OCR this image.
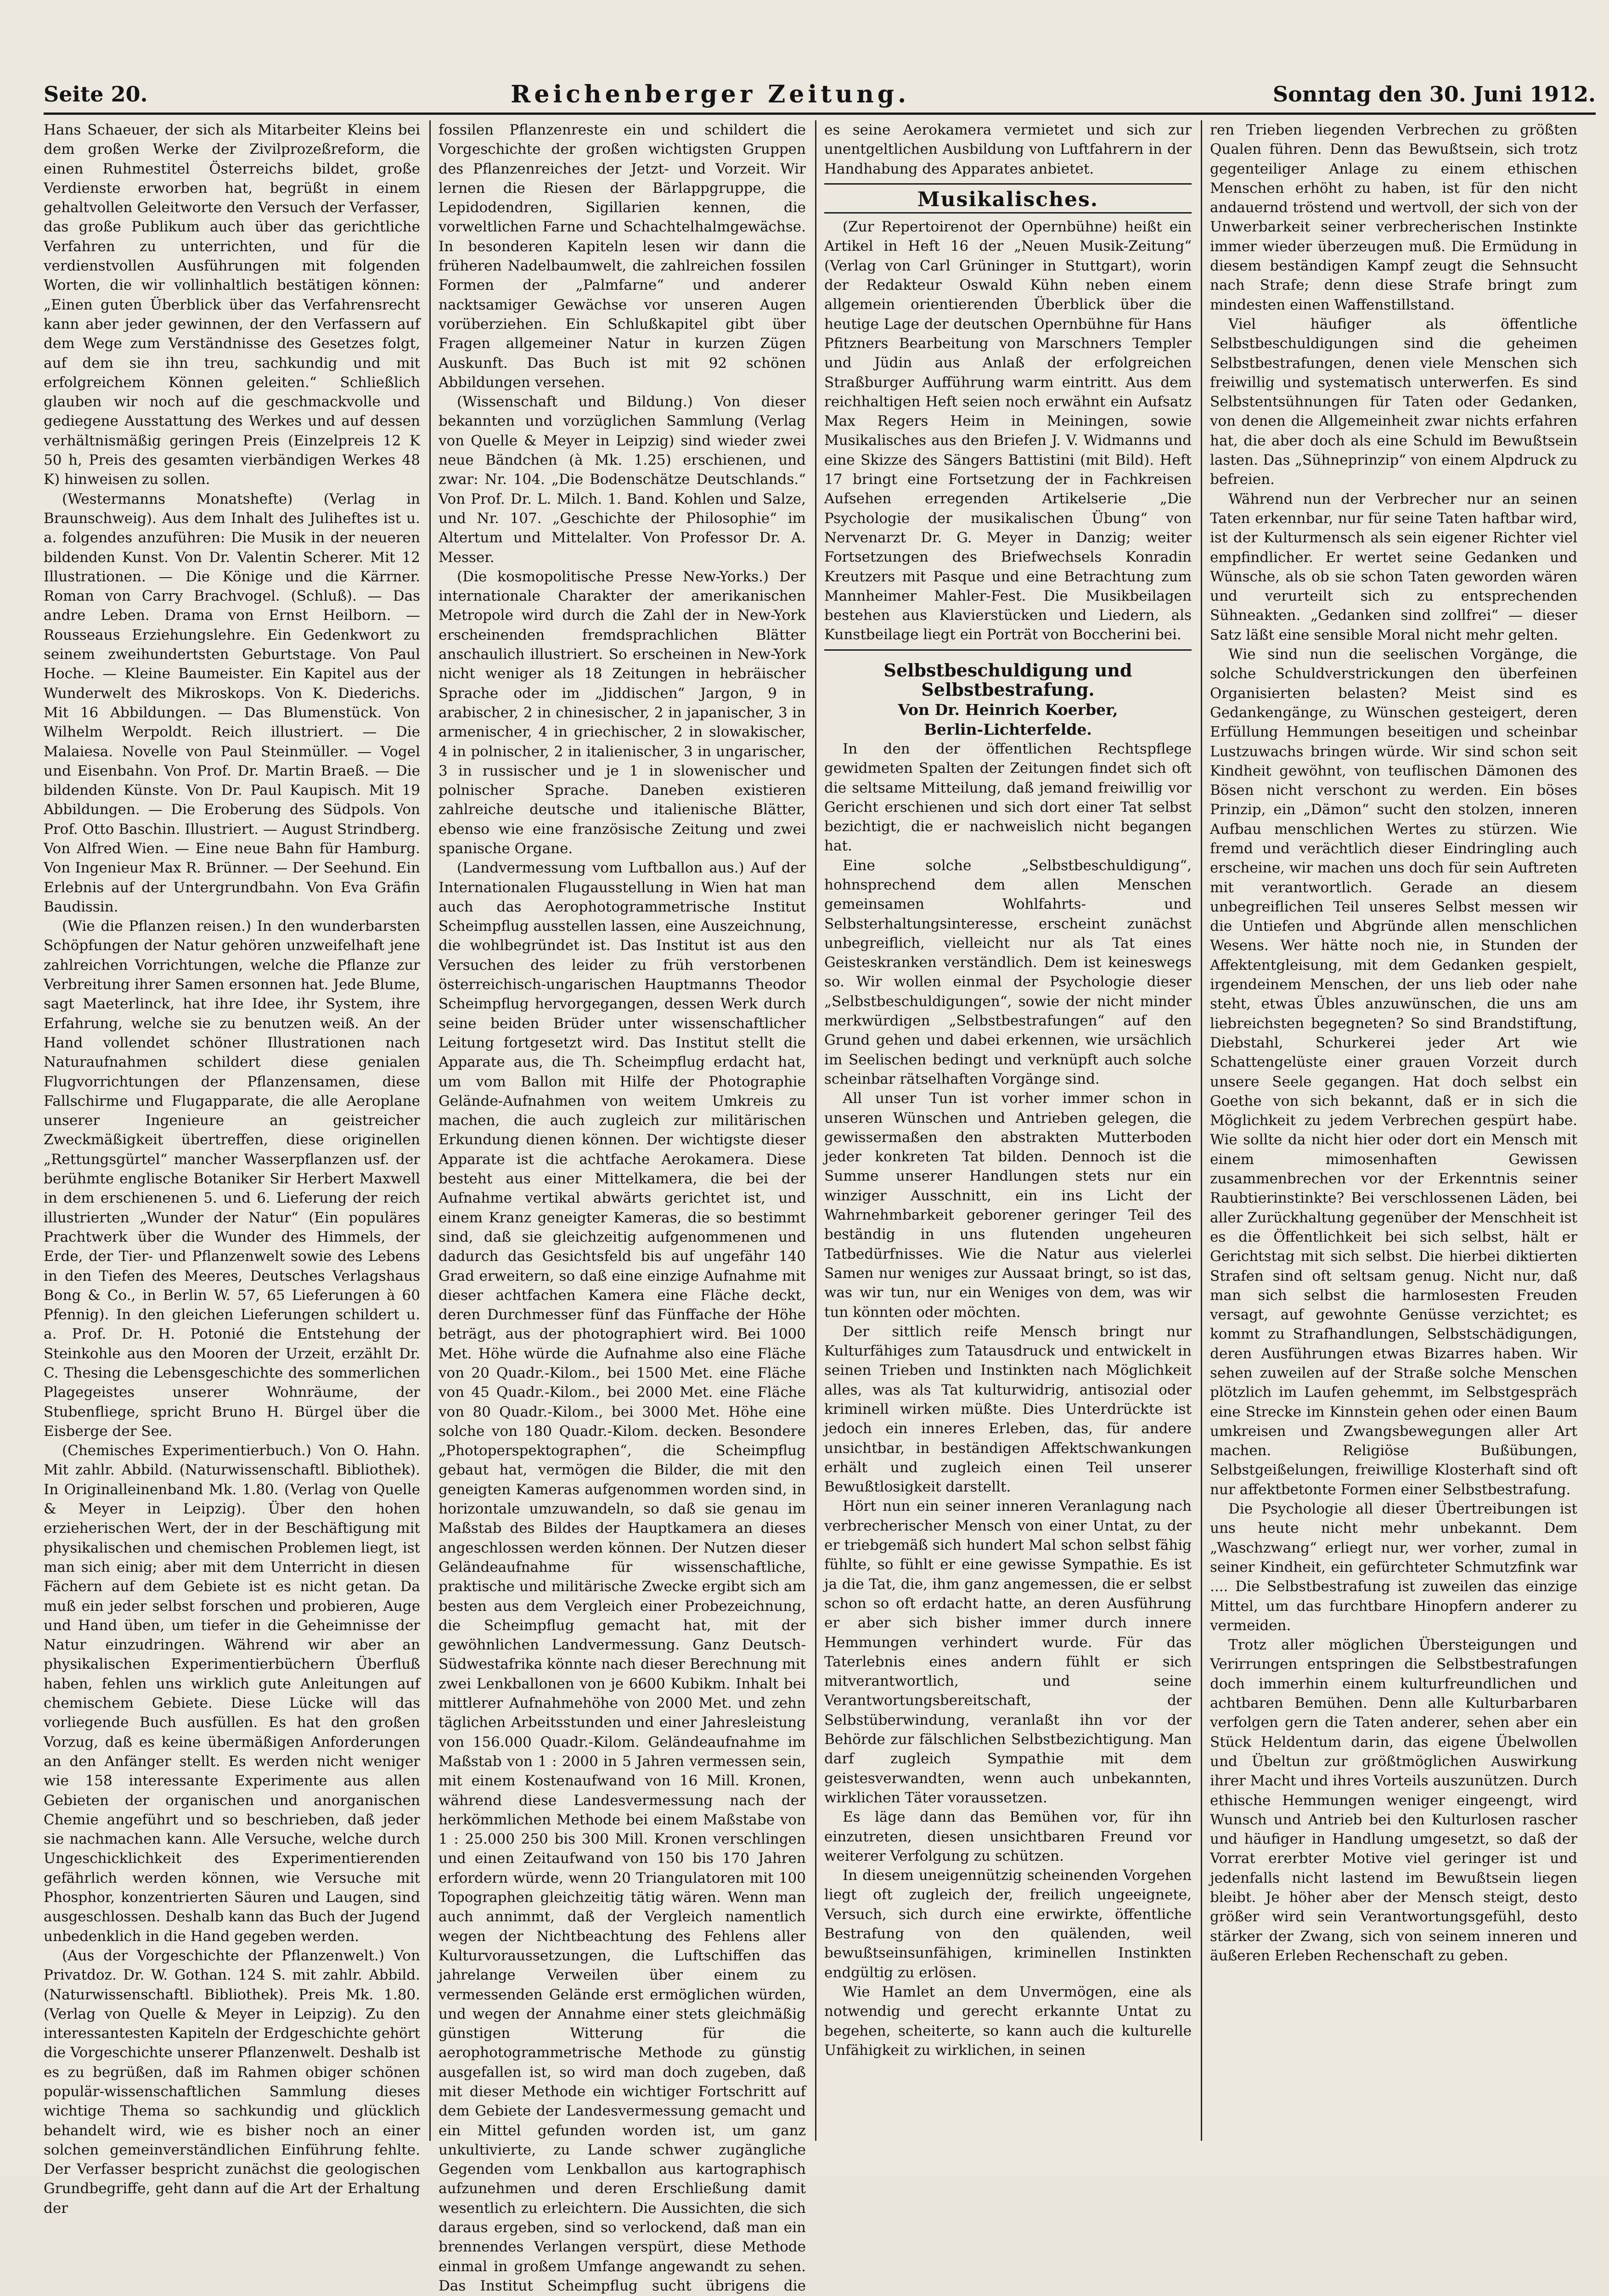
Seite 20.	Reichenberger Zeitung.	Sonntag den 30. Juni 1912.

Hans Schaeuer, der sich als Mitarbeiter Kleins bei dem großen Werke der Zivilprozeßreform, die einen Ruhmestitel Österreichs bildet, große Verdienste erworben hat, begrüßt in einem gehaltvollen Geleitworte den Versuch der Verfasser, das große Publikum auch über das gerichtliche Verfahren zu unterrichten, und für die verdienstvollen Ausführungen mit folgenden Worten, die wir vollinhaltlich bestätigen können: „Einen guten Überblick über das Verfahrensrecht kann aber jeder gewinnen, der den Verfassern auf dem Wege zum Verständnisse des Gesetzes folgt, auf dem sie ihn treu, sachkundig und mit erfolgreichem Können geleiten.“ Schließlich glauben wir noch auf die geschmackvolle und gediegene Ausstattung des Werkes und auf dessen verhältnismäßig geringen Preis (Einzelpreis 12 K 50 h, Preis des gesamten vierbändigen Werkes 48 K) hinweisen zu sollen.

(Westermanns Monatshefte) (Verlag in Braunschweig). Aus dem Inhalt des Juliheftes ist u. a. folgendes anzuführen: Die Musik in der neueren bildenden Kunst. Von Dr. Valentin Scherer. Mit 12 Illustrationen. — Die Könige und die Kärrner. Roman von Carry Brachvogel. (Schluß). — Das andre Leben. Drama von Ernst Heilborn. — Rousseaus Erziehungslehre. Ein Gedenkwort zu seinem zweihundertsten Geburtstage. Von Paul Hoche. — Kleine Baumeister. Ein Kapitel aus der Wunderwelt des Mikroskops. Von K. Diederichs. Mit 16 Abbildungen. — Das Blumenstück. Von Wilhelm Werpoldt. Reich illustriert. — Die Malaiesa. Novelle von Paul Steinmüller. — Vogel und Eisenbahn. Von Prof. Dr. Martin Braeß. — Die bildenden Künste. Von Dr. Paul Kaupisch. Mit 19 Abbildungen. — Die Eroberung des Südpols. Von Prof. Otto Baschin. Illustriert. — August Strindberg. Von Alfred Wien. — Eine neue Bahn für Hamburg. Von Ingenieur Max R. Brünner. — Der Seehund. Ein Erlebnis auf der Untergrundbahn. Von Eva Gräfin Baudissin.

(Wie die Pflanzen reisen.) In den wunderbarsten Schöpfungen der Natur gehören unzweifelhaft jene zahlreichen Vorrichtungen, welche die Pflanze zur Verbreitung ihrer Samen ersonnen hat. Jede Blume, sagt Maeterlinck, hat ihre Idee, ihr System, ihre Erfahrung, welche sie zu benutzen weiß. An der Hand vollendet schöner Illustrationen nach Naturaufnahmen schildert diese genialen Flugvorrichtungen der Pflanzensamen, diese Fallschirme und Flugapparate, die alle Aeroplane unserer Ingenieure an geistreicher Zweckmäßigkeit übertreffen, diese originellen „Rettungsgürtel“ mancher Wasserpflanzen usf. der berühmte englische Botaniker Sir Herbert Maxwell in dem erschienenen 5. und 6. Lieferung der reich illustrierten „Wunder der Natur“ (Ein populäres Prachtwerk über die Wunder des Himmels, der Erde, der Tier- und Pflanzenwelt sowie des Lebens in den Tiefen des Meeres, Deutsches Verlagshaus Bong & Co., in Berlin W. 57, 65 Lieferungen à 60 Pfennig). In den gleichen Lieferungen schildert u. a. Prof. Dr. H. Potonié die Entstehung der Steinkohle aus den Mooren der Urzeit, erzählt Dr. C. Thesing die Lebensgeschichte des sommerlichen Plagegeistes unserer Wohnräume, der Stubenfliege, spricht Bruno H. Bürgel über die Eisberge der See.

(Chemisches Experimentierbuch.) Von O. Hahn. Mit zahlr. Abbild. (Naturwissenschaftl. Bibliothek). In Originalleinenband Mk. 1.80. (Verlag von Quelle & Meyer in Leipzig). Über den hohen erzieherischen Wert, der in der Beschäftigung mit physikalischen und chemischen Problemen liegt, ist man sich einig; aber mit dem Unterricht in diesen Fächern auf dem Gebiete ist es nicht getan. Da muß ein jeder selbst forschen und probieren, Auge und Hand üben, um tiefer in die Geheimnisse der Natur einzudringen. Während wir aber an physikalischen Experimentierbüchern Überfluß haben, fehlen uns wirklich gute Anleitungen auf chemischem Gebiete. Diese Lücke will das vorliegende Buch ausfüllen. Es hat den großen Vorzug, daß es keine übermäßigen Anforderungen an den Anfänger stellt. Es werden nicht weniger wie 158 interessante Experimente aus allen Gebieten der organischen und anorganischen Chemie angeführt und so beschrieben, daß jeder sie nachmachen kann. Alle Versuche, welche durch Ungeschicklichkeit des Experimentierenden gefährlich werden können, wie Versuche mit Phosphor, konzentrierten Säuren und Laugen, sind ausgeschlossen. Deshalb kann das Buch der Jugend unbedenklich in die Hand gegeben werden.

(Aus der Vorgeschichte der Pflanzenwelt.) Von Privatdoz. Dr. W. Gothan. 124 S. mit zahlr. Abbild. (Naturwissenschaftl. Bibliothek). Preis Mk. 1.80. (Verlag von Quelle & Meyer in Leipzig). Zu den interessantesten Kapiteln der Erdgeschichte gehört die Vorgeschichte unserer Pflanzenwelt. Deshalb ist es zu begrüßen, daß im Rahmen obiger schönen populär-wissenschaftlichen Sammlung dieses wichtige Thema so sachkundig und glücklich behandelt wird, wie es bisher noch an einer solchen gemeinverständlichen Einführung fehlte. Der Verfasser bespricht zunächst die geologischen Grundbegriffe, geht dann auf die Art der Erhaltung der

fossilen Pflanzenreste ein und schildert die Vorgeschichte der großen wichtigsten Gruppen des Pflanzenreiches der Jetzt- und Vorzeit. Wir lernen die Riesen der Bärlappgruppe, die Lepidodendren, Sigillarien kennen, die vorweltlichen Farne und Schachtelhalmgewächse. In besonderen Kapiteln lesen wir dann die früheren Nadelbaumwelt, die zahlreichen fossilen Formen der „Palmfarne“ und anderer nacktsamiger Gewächse vor unseren Augen vorüberziehen. Ein Schlußkapitel gibt über Fragen allgemeiner Natur in kurzen Zügen Auskunft. Das Buch ist mit 92 schönen Abbildungen versehen.

(Wissenschaft und Bildung.) Von dieser bekannten und vorzüglichen Sammlung (Verlag von Quelle & Meyer in Leipzig) sind wieder zwei neue Bändchen (à Mk. 1.25) erschienen, und zwar: Nr. 104. „Die Bodenschätze Deutschlands.“ Von Prof. Dr. L. Milch. 1. Band. Kohlen und Salze, und Nr. 107. „Geschichte der Philosophie“ im Altertum und Mittelalter. Von Professor Dr. A. Messer.

(Die kosmopolitische Presse New-Yorks.) Der internationale Charakter der amerikanischen Metropole wird durch die Zahl der in New-York erscheinenden fremdsprachlichen Blätter anschaulich illustriert. So erscheinen in New-York nicht weniger als 18 Zeitungen in hebräischer Sprache oder im „Jiddischen“ Jargon, 9 in arabischer, 2 in chinesischer, 2 in japanischer, 3 in armenischer, 4 in griechischer, 2 in slowakischer, 4 in polnischer, 2 in italienischer, 3 in ungarischer, 3 in russischer und je 1 in slowenischer und polnischer Sprache. Daneben existieren zahlreiche deutsche und italienische Blätter, ebenso wie eine französische Zeitung und zwei spanische Organe.

(Landvermessung vom Luftballon aus.) Auf der Internationalen Flugausstellung in Wien hat man auch das Aerophotogrammetrische Institut Scheimpflug ausstellen lassen, eine Auszeichnung, die wohlbegründet ist. Das Institut ist aus den Versuchen des leider zu früh verstorbenen österreichisch-ungarischen Hauptmanns Theodor Scheimpflug hervorgegangen, dessen Werk durch seine beiden Brüder unter wissenschaftlicher Leitung fortgesetzt wird. Das Institut stellt die Apparate aus, die Th. Scheimpflug erdacht hat, um vom Ballon mit Hilfe der Photographie Gelände-Aufnahmen von weitem Umkreis zu machen, die auch zugleich zur militärischen Erkundung dienen können. Der wichtigste dieser Apparate ist die achtfache Aerokamera. Diese besteht aus einer Mittelkamera, die bei der Aufnahme vertikal abwärts gerichtet ist, und einem Kranz geneigter Kameras, die so bestimmt sind, daß sie gleichzeitig aufgenommenen und dadurch das Gesichtsfeld bis auf ungefähr 140 Grad erweitern, so daß eine einzige Aufnahme mit dieser achtfachen Kamera eine Fläche deckt, deren Durchmesser fünf das Fünffache der Höhe beträgt, aus der photographiert wird. Bei 1000 Met. Höhe würde die Aufnahme also eine Fläche von 20 Quadr.-Kilom., bei 1500 Met. eine Fläche von 45 Quadr.-Kilom., bei 2000 Met. eine Fläche von 80 Quadr.-Kilom., bei 3000 Met. Höhe eine solche von 180 Quadr.-Kilom. decken. Besondere „Photoperspektographen“, die Scheimpflug gebaut hat, vermögen die Bilder, die mit den geneigten Kameras aufgenommen worden sind, in horizontale umzuwandeln, so daß sie genau im Maßstab des Bildes der Hauptkamera an dieses angeschlossen werden können. Der Nutzen dieser Geländeaufnahme für wissenschaftliche, praktische und militärische Zwecke ergibt sich am besten aus dem Vergleich einer Probezeichnung, die Scheimpflug gemacht hat, mit der gewöhnlichen Landvermessung. Ganz Deutsch-Südwestafrika könnte nach dieser Berechnung mit zwei Lenkballonen von je 6600 Kubikm. Inhalt bei mittlerer Aufnahmehöhe von 2000 Met. und zehn täglichen Arbeitsstunden und einer Jahresleistung von 156.000 Quadr.-Kilom. Geländeaufnahme im Maßstab von 1 : 2000 in 5 Jahren vermessen sein, mit einem Kostenaufwand von 16 Mill. Kronen, während diese Landesvermessung nach der herkömmlichen Methode bei einem Maßstabe von 1 : 25.000 250 bis 300 Mill. Kronen verschlingen und einen Zeitaufwand von 150 bis 170 Jahren erfordern würde, wenn 20 Triangulatoren mit 100 Topographen gleichzeitig tätig wären. Wenn man auch annimmt, daß der Vergleich namentlich wegen der Nichtbeachtung des Fehlens aller Kulturvoraussetzungen, die Luftschiffen das jahrelange Verweilen über einem zu vermessenden Gelände erst ermöglichen würden, und wegen der Annahme einer stets gleichmäßig günstigen Witterung für die aerophotogrammetrische Methode zu günstig ausgefallen ist, so wird man doch zugeben, daß mit dieser Methode ein wichtiger Fortschritt auf dem Gebiete der Landesvermessung gemacht und ein Mittel gefunden worden ist, um ganz unkultivierte, zu Lande schwer zugängliche Gegenden vom Lenkballon aus kartographisch aufzunehmen und deren Erschließung damit wesentlich zu erleichtern. Die Aussichten, die sich daraus ergeben, sind so verlockend, daß man ein brennendes Verlangen verspürt, diese Methode einmal in großem Umfange angewandt zu sehen. Das Institut Scheimpflug sucht übrigens die

es seine Aerokamera vermietet und sich zur unentgeltlichen Ausbildung von Luftfahrern in der Handhabung des Apparates anbietet.

Musikalisches.

(Zur Repertoirenot der Opernbühne) heißt ein Artikel in Heft 16 der „Neuen Musik-Zeitung“ (Verlag von Carl Grüninger in Stuttgart), worin der Redakteur Oswald Kühn neben einem allgemein orientierenden Überblick über die heutige Lage der deutschen Opernbühne für Hans Pfitzners Bearbeitung von Marschners Templer und Jüdin aus Anlaß der erfolgreichen Straßburger Aufführung warm eintritt. Aus dem reichhaltigen Heft seien noch erwähnt ein Aufsatz Max Regers Heim in Meiningen, sowie Musikalisches aus den Briefen J. V. Widmanns und eine Skizze des Sängers Battistini (mit Bild). Heft 17 bringt eine Fortsetzung der in Fachkreisen Aufsehen erregenden Artikelserie „Die Psychologie der musikalischen Übung“ von Nervenarzt Dr. G. Meyer in Danzig; weiter Fortsetzungen des Briefwechsels Konradin Kreutzers mit Pasque und eine Betrachtung zum Mannheimer Mahler-Fest. Die Musikbeilagen bestehen aus Klavierstücken und Liedern, als Kunstbeilage liegt ein Porträt von Boccherini bei.

Selbstbeschuldigung und Selbstbestrafung.

Von Dr. Heinrich Koerber,

Berlin-Lichterfelde.

In den der öffentlichen Rechtspflege gewidmeten Spalten der Zeitungen findet sich oft die seltsame Mitteilung, daß jemand freiwillig vor Gericht erschienen und sich dort einer Tat selbst bezichtigt, die er nachweislich nicht begangen hat.

Eine solche „Selbstbeschuldigung“, hohnsprechend dem allen Menschen gemeinsamen Wohlfahrts- und Selbsterhaltungsinteresse, erscheint zunächst unbegreiflich, vielleicht nur als Tat eines Geisteskranken verständlich. Dem ist keineswegs so. Wir wollen einmal der Psychologie dieser „Selbstbeschuldigungen“, sowie der nicht minder merkwürdigen „Selbstbestrafungen“ auf den Grund gehen und dabei erkennen, wie ursächlich im Seelischen bedingt und verknüpft auch solche scheinbar rätselhaften Vorgänge sind.

All unser Tun ist vorher immer schon in unseren Wünschen und Antrieben gelegen, die gewissermaßen den abstrakten Mutterboden jeder konkreten Tat bilden. Dennoch ist die Summe unserer Handlungen stets nur ein winziger Ausschnitt, ein ins Licht der Wahrnehmbarkeit geborener geringer Teil des beständig in uns flutenden ungeheuren Tatbedürfnisses. Wie die Natur aus vielerlei Samen nur weniges zur Aussaat bringt, so ist das, was wir tun, nur ein Weniges von dem, was wir tun könnten oder möchten.

Der sittlich reife Mensch bringt nur Kulturfähiges zum Tatausdruck und entwickelt in seinen Trieben und Instinkten nach Möglichkeit alles, was als Tat kulturwidrig, antisozial oder kriminell wirken müßte. Dies Unterdrückte ist jedoch ein inneres Erleben, das, für andere unsichtbar, in beständigen Affektschwankungen erhält und zugleich einen Teil unserer Bewußtlosigkeit darstellt.

Hört nun ein seiner inneren Veranlagung nach verbrecherischer Mensch von einer Untat, zu der er triebgemäß sich hundert Mal schon selbst fähig fühlte, so fühlt er eine gewisse Sympathie. Es ist ja die Tat, die, ihm ganz angemessen, die er selbst schon so oft erdacht hatte, an deren Ausführung er aber sich bisher immer durch innere Hemmungen verhindert wurde. Für das Taterlebnis eines andern fühlt er sich mitverantwortlich, und seine Verantwortungsbereitschaft, der Selbstüberwindung, veranlaßt ihn vor der Behörde zur fälschlichen Selbstbezichtigung. Man darf zugleich Sympathie mit dem geistesverwandten, wenn auch unbekannten, wirklichen Täter voraussetzen.

Es läge dann das Bemühen vor, für ihn einzutreten, diesen unsichtbaren Freund vor weiterer Verfolgung zu schützen.

In diesem uneigennützig scheinenden Vorgehen liegt oft zugleich der, freilich ungeeignete, Versuch, sich durch eine erwirkte, öffentliche Bestrafung von den quälenden, weil bewußtseinsunfähigen, kriminellen Instinkten endgültig zu erlösen.

Wie Hamlet an dem Unvermögen, eine als notwendig und gerecht erkannte Untat zu begehen, scheiterte, so kann auch die kulturelle Unfähigkeit zu wirklichen, in seinen

ren Trieben liegenden Verbrechen zu größten Qualen führen. Denn das Bewußtsein, sich trotz gegenteiliger Anlage zu einem ethischen Menschen erhöht zu haben, ist für den nicht andauernd tröstend und wertvoll, der sich von der Unwerbarkeit seiner verbrecherischen Instinkte immer wieder überzeugen muß. Die Ermüdung in diesem beständigen Kampf zeugt die Sehnsucht nach Strafe; denn diese Strafe bringt zum mindesten einen Waffenstillstand.

Viel häufiger als öffentliche Selbstbeschuldigungen sind die geheimen Selbstbestrafungen, denen viele Menschen sich freiwillig und systematisch unterwerfen. Es sind Selbstentsühnungen für Taten oder Gedanken, von denen die Allgemeinheit zwar nichts erfahren hat, die aber doch als eine Schuld im Bewußtsein lasten. Das „Sühneprinzip“ von einem Alpdruck zu befreien.

Während nun der Verbrecher nur an seinen Taten erkennbar, nur für seine Taten haftbar wird, ist der Kulturmensch als sein eigener Richter viel empfindlicher. Er wertet seine Gedanken und Wünsche, als ob sie schon Taten geworden wären und verurteilt sich zu entsprechenden Sühneakten. „Gedanken sind zollfrei“ — dieser Satz läßt eine sensible Moral nicht mehr gelten.

Wie sind nun die seelischen Vorgänge, die solche Schuldverstrickungen den überfeinen Organisierten belasten? Meist sind es Gedankengänge, zu Wünschen gesteigert, deren Erfüllung Hemmungen beseitigen und scheinbar Lustzuwachs bringen würde. Wir sind schon seit Kindheit gewöhnt, von teuflischen Dämonen des Bösen nicht verschont zu werden. Ein böses Prinzip, ein „Dämon“ sucht den stolzen, inneren Aufbau menschlichen Wertes zu stürzen. Wie fremd und verächtlich dieser Eindringling auch erscheine, wir machen uns doch für sein Auftreten mit verantwortlich. Gerade an diesem unbegreiflichen Teil unseres Selbst messen wir die Untiefen und Abgründe allen menschlichen Wesens. Wer hätte noch nie, in Stunden der Affektentgleisung, mit dem Gedanken gespielt, irgendeinem Menschen, der uns lieb oder nahe steht, etwas Übles anzuwünschen, die uns am liebreichsten begegneten? So sind Brandstiftung, Diebstahl, Schurkerei jeder Art wie Schattengelüste einer grauen Vorzeit durch unsere Seele gegangen. Hat doch selbst ein Goethe von sich bekannt, daß er in sich die Möglichkeit zu jedem Verbrechen gespürt habe. Wie sollte da nicht hier oder dort ein Mensch mit einem mimosenhaften Gewissen zusammenbrechen vor der Erkenntnis seiner Raubtierinstinkte? Bei verschlossenen Läden, bei aller Zurückhaltung gegenüber der Menschheit ist es die Öffentlichkeit bei sich selbst, hält er Gerichtstag mit sich selbst. Die hierbei diktierten Strafen sind oft seltsam genug. Nicht nur, daß man sich selbst die harmlosesten Freuden versagt, auf gewohnte Genüsse verzichtet; es kommt zu Strafhandlungen, Selbstschädigungen, deren Ausführungen etwas Bizarres haben. Wir sehen zuweilen auf der Straße solche Menschen plötzlich im Laufen gehemmt, im Selbstgespräch eine Strecke im Kinnstein gehen oder einen Baum umkreisen und Zwangsbewegungen aller Art machen. Religiöse Bußübungen, Selbstgeißelungen, freiwillige Klosterhaft sind oft nur affektbetonte Formen einer Selbstbestrafung.

Die Psychologie all dieser Übertreibungen ist uns heute nicht mehr unbekannt. Dem „Waschzwang“ erliegt nur, wer vorher, zumal in seiner Kindheit, ein gefürchteter Schmutzfink war .... Die Selbstbestrafung ist zuweilen das einzige Mittel, um das furchtbare Hinopfern anderer zu vermeiden.

Trotz aller möglichen Übersteigungen und Verirrungen entspringen die Selbstbestrafungen doch immerhin einem kulturfreundlichen und achtbaren Bemühen. Denn alle Kulturbarbaren verfolgen gern die Taten anderer, sehen aber ein Stück Heldentum darin, das eigene Übelwollen und Übeltun zur größtmöglichen Auswirkung ihrer Macht und ihres Vorteils auszunützen. Durch ethische Hemmungen weniger eingeengt, wird Wunsch und Antrieb bei den Kulturlosen rascher und häufiger in Handlung umgesetzt, so daß der Vorrat ererbter Motive viel geringer ist und jedenfalls nicht lastend im Bewußtsein liegen bleibt. Je höher aber der Mensch steigt, desto größer wird sein Verantwortungsgefühl, desto stärker der Zwang, sich von seinem inneren und äußeren Erleben Rechenschaft zu geben.
